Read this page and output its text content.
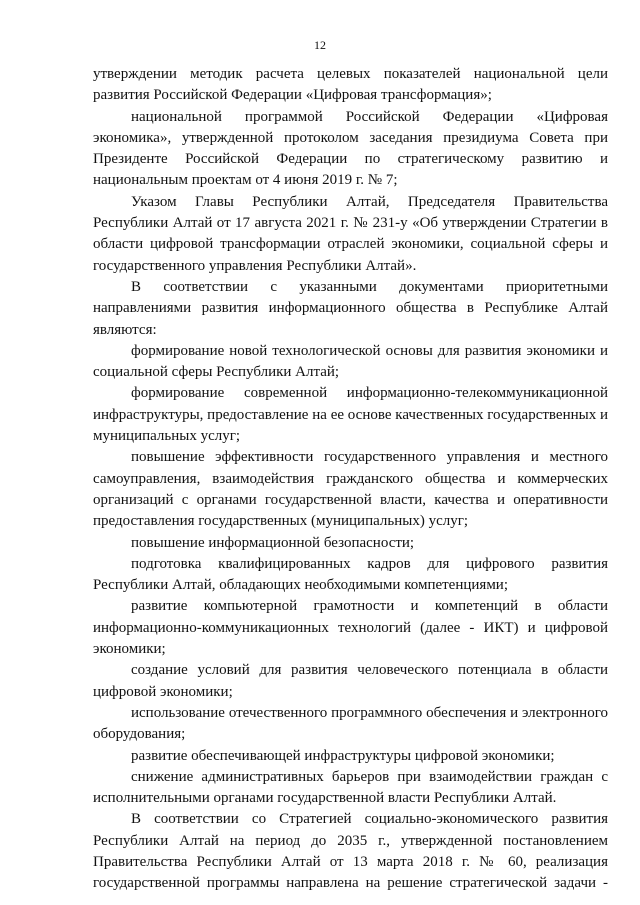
12

утверждении методик расчета целевых показателей национальной цели развития Российской Федерации «Цифровая трансформация»;

национальной программой Российской Федерации «Цифровая экономика», утвержденной протоколом заседания президиума Совета при Президенте Российской Федерации по стратегическому развитию и национальным проектам от 4 июня 2019 г. № 7;

Указом Главы Республики Алтай, Председателя Правительства Республики Алтай от 17 августа 2021 г. № 231-у «Об утверждении Стратегии в области цифровой трансформации отраслей экономики, социальной сферы и государственного управления Республики Алтай».

В соответствии с указанными документами приоритетными направлениями развития информационного общества в Республике Алтай являются:

формирование новой технологической основы для развития экономики и социальной сферы Республики Алтай;

формирование современной информационно-телекоммуникационной инфраструктуры, предоставление на ее основе качественных государственных и муниципальных услуг;

повышение эффективности государственного управления и местного самоуправления, взаимодействия гражданского общества и коммерческих организаций с органами государственной власти, качества и оперативности предоставления государственных (муниципальных) услуг;

повышение информационной безопасности;

подготовка квалифицированных кадров для цифрового развития Республики Алтай, обладающих необходимыми компетенциями;

развитие компьютерной грамотности и компетенций в области информационно-коммуникационных технологий (далее - ИКТ) и цифровой экономики;

создание условий для развития человеческого потенциала в области цифровой экономики;

использование отечественного программного обеспечения и электронного оборудования;

развитие обеспечивающей инфраструктуры цифровой экономики;

снижение административных барьеров при взаимодействии граждан с исполнительными органами государственной власти Республики Алтай.

В соответствии со Стратегией социально-экономического развития Республики Алтай на период до 2035 г., утвержденной постановлением Правительства Республики Алтай от 13 марта 2018 г. № 60, реализация государственной программы направлена на решение стратегической задачи -
